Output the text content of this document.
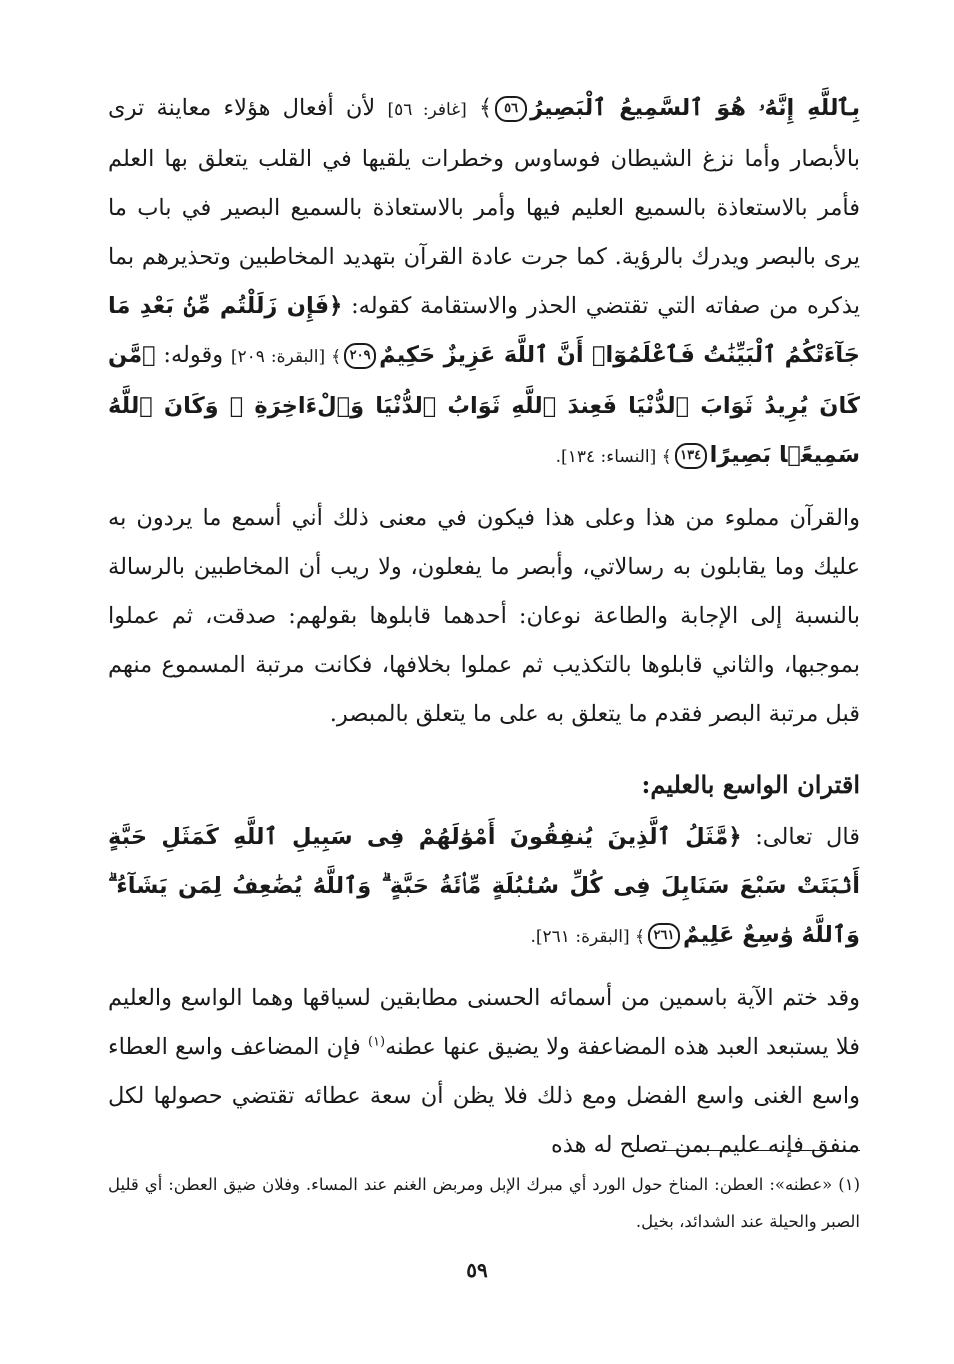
بِٱللَّهِ إِنَّهُۥ هُوَ ٱلسَّمِيعُ ٱلْبَصِيرُ٥٦﴾ [غافر: ٥٦] لأن أفعال هؤلاء معاينة ترى بالأبصار وأما نزغ الشيطان فوساوس وخطرات يلقيها في القلب يتعلق بها العلم فأمر بالاستعاذة بالسميع العليم فيها وأمر بالاستعاذة بالسميع البصير في باب ما يرى بالبصر ويدرك بالرؤية. كما جرت عادة القرآن بتهديد المخاطبين وتحذيرهم بما يذكره من صفاته التي تقتضي الحذر والاستقامة كقوله: ﴿فَإِن زَلَلْتُم مِّنۢ بَعْدِ مَا جَآءَتْكُمُ ٱلْبَيِّنَٰتُ فَٱعْلَمُوٓا۟ أَنَّ ٱللَّهَ عَزِيزٌ حَكِيمٌ٢٠٩﴾ [البقرة: ٢٠٩] وقوله: ﴿مَّن كَانَ يُرِيدُ ثَوَابَ ٱلدُّنْيَا فَعِندَ ٱللَّهِ ثَوَابُ ٱلدُّنْيَا وَٱلْءَاخِرَةِ ۚ وَكَانَ ٱللَّهُ سَمِيعًۢا بَصِيرًا١٣٤﴾ [النساء: ١٣٤].

والقرآن مملوء من هذا وعلى هذا فيكون في معنى ذلك أني أسمع ما يردون به عليك وما يقابلون به رسالاتي، وأبصر ما يفعلون، ولا ريب أن المخاطبين بالرسالة بالنسبة إلى الإجابة والطاعة نوعان: أحدهما قابلوها بقولهم: صدقت، ثم عملوا بموجبها، والثاني قابلوها بالتكذيب ثم عملوا بخلافها، فكانت مرتبة المسموع منهم قبل مرتبة البصر فقدم ما يتعلق به على ما يتعلق بالمبصر.

اقتران الواسع بالعليم:

قال تعالى: ﴿مَّثَلُ ٱلَّذِينَ يُنفِقُونَ أَمْوَٰلَهُمْ فِى سَبِيلِ ٱللَّهِ كَمَثَلِ حَبَّةٍ أَنۢبَتَتْ سَبْعَ سَنَابِلَ فِى كُلِّ سُنۢبُلَةٍ مِّا۟ئَةُ حَبَّةٍ ۗ وَٱللَّهُ يُضَٰعِفُ لِمَن يَشَآءُ ۗ وَٱللَّهُ وَٰسِعٌ عَلِيمٌ٢٦١﴾ [البقرة: ٢٦١].

وقد ختم الآية باسمين من أسمائه الحسنى مطابقين لسياقها وهما الواسع والعليم فلا يستبعد العبد هذه المضاعفة ولا يضيق عنها عطنه$^{(١)}$ فإن المضاعف واسع العطاء واسع الغنى واسع الفضل ومع ذلك فلا يظن أن سعة عطائه تقتضي حصولها لكل منفق فإنه عليم بمن تصلح له هذه

(١) «عطنه»: العطن: المناخ حول الورد أي مبرك الإبل ومربض الغنم عند المساء. وفلان ضيق العطن: أي قليل الصبر والحيلة عند الشدائد، بخيل.

٥٩
